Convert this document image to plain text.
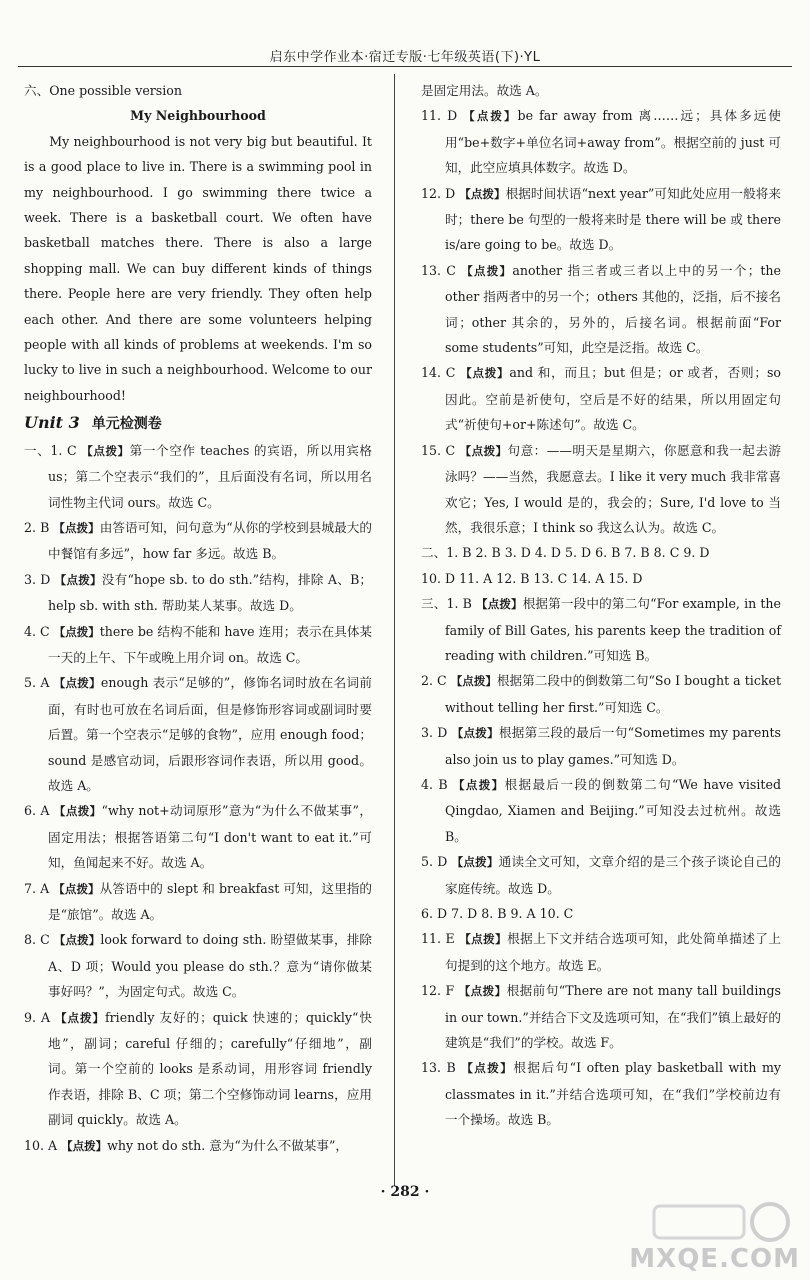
启东中学作业本·宿迁专版·七年级英语(下)·YL

六、One possible version

My Neighbourhood

My neighbourhood is not very big but beautiful. It is a good place to live in. There is a swimming pool in my neighbourhood. I go swimming there twice a week. There is a basketball court. We often have basketball matches there. There is also a large shopping mall. We can buy different kinds of things there. People here are very friendly. They often help each other. And there are some volunteers helping people with all kinds of problems at weekends. I'm so lucky to live in such a neighbourhood. Welcome to our neighbourhood!

Unit 3 单元检测卷

一、1. C 【点拨】第一个空作 teaches 的宾语，所以用宾格 us；第二个空表示“我们的”，且后面没有名词，所以用名词性物主代词 ours。故选 C。

2. B 【点拨】由答语可知，问句意为“从你的学校到县城最大的中餐馆有多远”，how far 多远。故选 B。

3. D 【点拨】没有“hope sb. to do sth.”结构，排除 A、B；help sb. with sth. 帮助某人某事。故选 D。

4. C 【点拨】there be 结构不能和 have 连用；表示在具体某一天的上午、下午或晚上用介词 on。故选 C。

5. A 【点拨】enough 表示“足够的”，修饰名词时放在名词前面，有时也可放在名词后面，但是修饰形容词或副词时要后置。第一个空表示“足够的食物”，应用 enough food；sound 是感官动词，后跟形容词作表语，所以用 good。故选 A。

6. A 【点拨】“why not+动词原形”意为“为什么不做某事”，固定用法；根据答语第二句“I don't want to eat it.”可知，鱼闻起来不好。故选 A。

7. A 【点拨】从答语中的 slept 和 breakfast 可知，这里指的是“旅馆”。故选 A。

8. C 【点拨】look forward to doing sth. 盼望做某事，排除 A、D 项；Would you please do sth.？意为“请你做某事好吗？”，为固定句式。故选 C。

9. A 【点拨】friendly 友好的；quick 快速的；quickly“快地”，副词；careful 仔细的；carefully“仔细地”，副词。第一个空前的 looks 是系动词，用形容词 friendly 作表语，排除 B、C 项；第二个空修饰动词 learns，应用副词 quickly。故选 A。

10. A 【点拨】why not do sth. 意为“为什么不做某事”，

是固定用法。故选 A。

11. D 【点拨】be far away from 离……远；具体多远使用“be+数字+单位名词+away from”。根据空前的 just 可知，此空应填具体数字。故选 D。

12. D 【点拨】根据时间状语“next year”可知此处应用一般将来时；there be 句型的一般将来时是 there will be 或 there is/are going to be。故选 D。

13. C 【点拨】another 指三者或三者以上中的另一个；the other 指两者中的另一个；others 其他的，泛指，后不接名词；other 其余的，另外的，后接名词。根据前面“For some students”可知，此空是泛指。故选 C。

14. C 【点拨】and 和，而且；but 但是；or 或者，否则；so 因此。空前是祈使句，空后是不好的结果，所以用固定句式“祈使句+or+陈述句”。故选 C。

15. C 【点拨】句意：——明天是星期六，你愿意和我一起去游泳吗？——当然，我愿意去。I like it very much 我非常喜欢它；Yes, I would 是的，我会的；Sure, I'd love to 当然，我很乐意；I think so 我这么认为。故选 C。

二、1. B 2. B 3. D 4. D 5. D 6. B 7. B 8. C 9. D

10. D 11. A 12. B 13. C 14. A 15. D

三、1. B 【点拨】根据第一段中的第二句“For example, in the family of Bill Gates, his parents keep the tradition of reading with children.”可知选 B。

2. C 【点拨】根据第二段中的倒数第二句“So I bought a ticket without telling her first.”可知选 C。

3. D 【点拨】根据第三段的最后一句“Sometimes my parents also join us to play games.”可知选 D。

4. B 【点拨】根据最后一段的倒数第二句“We have visited Qingdao, Xiamen and Beijing.”可知没去过杭州。故选 B。

5. D 【点拨】通读全文可知，文章介绍的是三个孩子谈论自己的家庭传统。故选 D。

6. D 7. D 8. B 9. A 10. C

11. E 【点拨】根据上下文并结合选项可知，此处简单描述了上句提到的这个地方。故选 E。

12. F 【点拨】根据前句“There are not many tall buildings in our town.”并结合下文及选项可知，在“我们”镇上最好的建筑是“我们”的学校。故选 F。

13. B 【点拨】根据后句“I often play basketball with my classmates in it.”并结合选项可知，在“我们”学校前边有一个操场。故选 B。

· 282 ·
MXQE.COM
